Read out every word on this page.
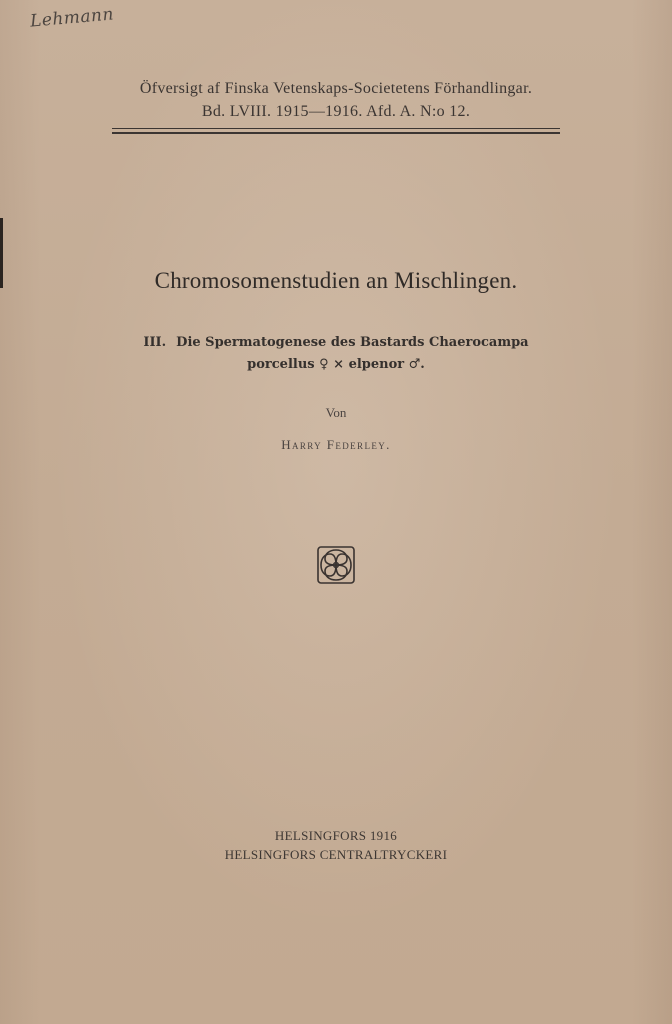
Lehmann
Öfversigt af Finska Vetenskaps-Societetens Förhandlingar.
Bd. LVIII. 1915—1916. Afd. A. N:o 12.
Chromosomenstudien an Mischlingen.
III. Die Spermatogenese des Bastards Chaerocampa
porcellus ♀ × elpenor ♂.
Von
Harry Federley.
HELSINGFORS 1916
HELSINGFORS CENTRALTRYCKERI
